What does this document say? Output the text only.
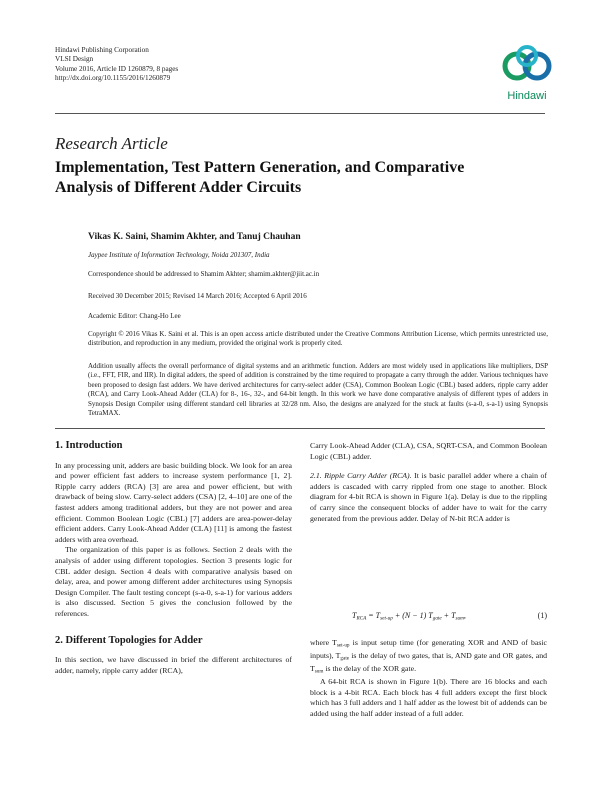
Hindawi Publishing Corporation
VLSI Design
Volume 2016, Article ID 1260879, 8 pages
http://dx.doi.org/10.1155/2016/1260879
Hindawi
Research Article
Implementation, Test Pattern Generation, and Comparative Analysis of Different Adder Circuits
Vikas K. Saini, Shamim Akhter, and Tanuj Chauhan
Jaypee Institute of Information Technology, Noida 201307, India
Correspondence should be addressed to Shamim Akhter; shamim.akhter@jiit.ac.in
Received 30 December 2015; Revised 14 March 2016; Accepted 6 April 2016
Academic Editor: Chang-Ho Lee
Copyright © 2016 Vikas K. Saini et al. This is an open access article distributed under the Creative Commons Attribution License, which permits unrestricted use, distribution, and reproduction in any medium, provided the original work is properly cited.
Addition usually affects the overall performance of digital systems and an arithmetic function. Adders are most widely used in applications like multipliers, DSP (i.e., FFT, FIR, and IIR). In digital adders, the speed of addition is constrained by the time required to propagate a carry through the adder. Various techniques have been proposed to design fast adders. We have derived architectures for carry-select adder (CSA), Common Boolean Logic (CBL) based adders, ripple carry adder (RCA), and Carry Look-Ahead Adder (CLA) for 8-, 16-, 32-, and 64-bit length. In this work we have done comparative analysis of different types of adders in Synopsis Design Compiler using different standard cell libraries at 32/28 nm. Also, the designs are analyzed for the stuck at faults (s-a-0, s-a-1) using Synopsis TetraMAX.
1. Introduction

In any processing unit, adders are basic building block. We look for an area and power efficient fast adders to increase system performance [1, 2]. Ripple carry adders (RCA) [3] are area and power efficient, but with drawback of being slow. Carry-select adders (CSA) [2, 4–10] are one of the fastest adders among traditional adders, but they are not power and area efficient. Common Boolean Logic (CBL) [7] adders are area-power-delay efficient adders. Carry Look-Ahead Adder (CLA) [11] is among the fastest adders with area overhead.

The organization of this paper is as follows. Section 2 deals with the analysis of adder using different topologies. Section 3 presents logic for CBL adder design. Section 4 deals with comparative analysis based on delay, area, and power among different adder architectures using Synopsis Design Compiler. The fault testing concept (s-a-0, s-a-1) for various adders is also discussed. Section 5 gives the conclusion followed by the references.

2. Different Topologies for Adder

In this section, we have discussed in brief the different architectures of adder, namely, ripple carry adder (RCA),

Carry Look-Ahead Adder (CLA), CSA, SQRT-CSA, and Common Boolean Logic (CBL) adder.

2.1. Ripple Carry Adder (RCA). It is basic parallel adder where a chain of adders is cascaded with carry rippled from one stage to another. Block diagram for 4-bit RCA is shown in Figure 1(a). Delay is due to the rippling of carry since the consequent blocks of adder have to wait for the carry generated from the previous adder. Delay of N-bit RCA adder is

$T_{RCA} = T_{set-up} + (N - 1) T_{gate} + T_{sum}$,	(1)

where $T_{set-up}$ is input setup time (for generating XOR and AND of basic inputs), $T_{gate}$ is the delay of two gates, that is, AND gate and OR gates, and $T_{sum}$ is the delay of the XOR gate.

A 64-bit RCA is shown in Figure 1(b). There are 16 blocks and each block is a 4-bit RCA. Each block has 4 full adders except the first block which has 3 full adders and 1 half adder as the lowest bit of addends can be added using the half adder instead of a full adder.
